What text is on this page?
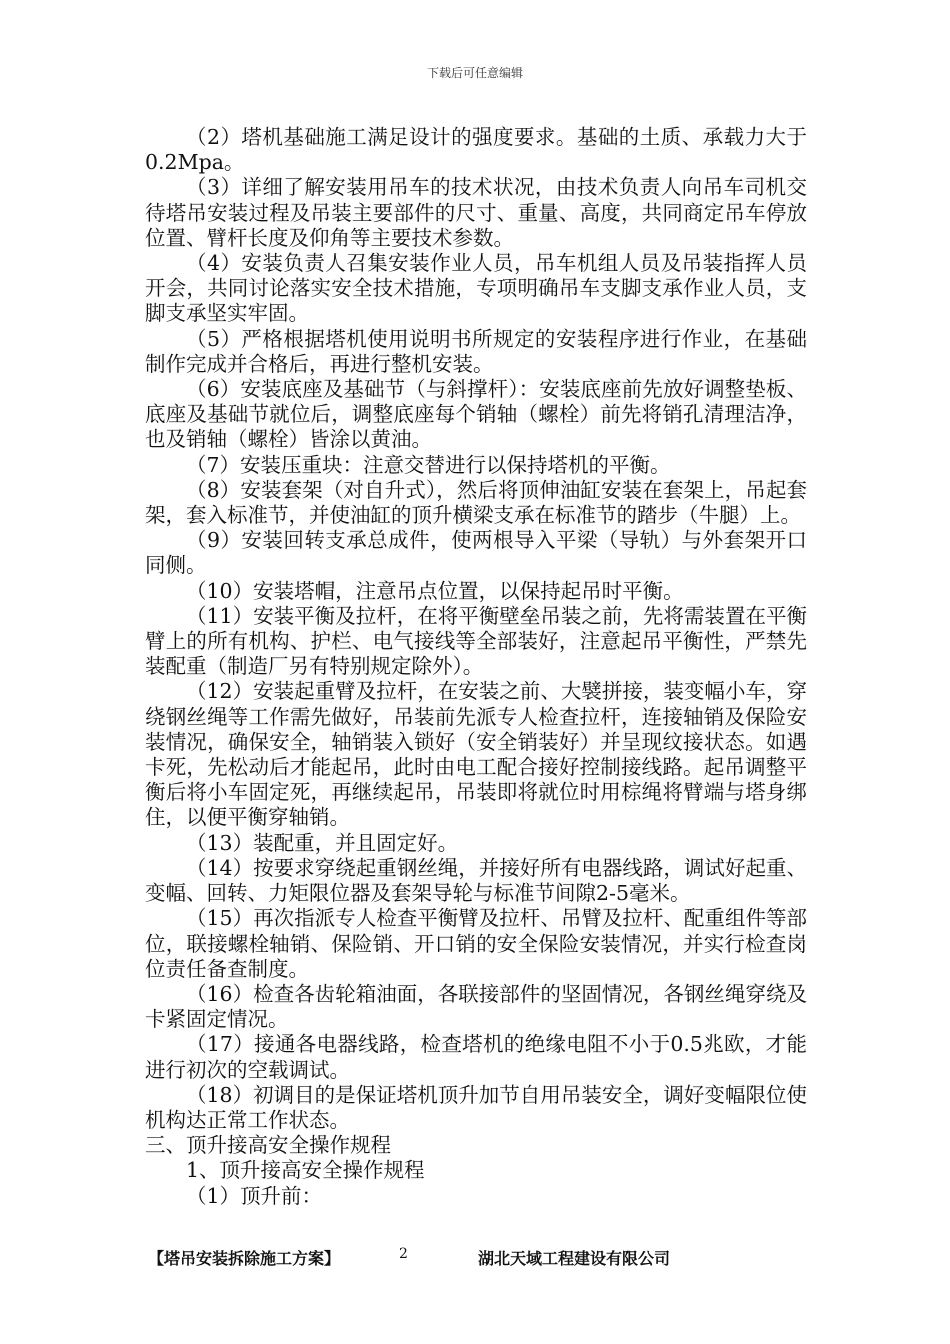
下载后可任意编辑

（2）塔机基础施工满足设计的强度要求。基础的土质、承载力大于0.2Mpa。

（3）详细了解安装用吊车的技术状况，由技术负责人向吊车司机交待塔吊安装过程及吊装主要部件的尺寸、重量、高度，共同商定吊车停放位置、臂杆长度及仰角等主要技术参数。

（4）安装负责人召集安装作业人员，吊车机组人员及吊装指挥人员开会，共同讨论落实安全技术措施，专项明确吊车支脚支承作业人员，支脚支承坚实牢固。

（5）严格根据塔机使用说明书所规定的安装程序进行作业，在基础制作完成并合格后，再进行整机安装。

（6）安装底座及基础节（与斜撑杆）：安装底座前先放好调整垫板、底座及基础节就位后，调整底座每个销轴（螺栓）前先将销孔清理洁净，也及销轴（螺栓）皆涂以黄油。

（7）安装压重块：注意交替进行以保持塔机的平衡。

（8）安装套架（对自升式），然后将顶伸油缸安装在套架上，吊起套架，套入标准节，并使油缸的顶升横梁支承在标准节的踏步（牛腿）上。

（9）安装回转支承总成件，使两根导入平梁（导轨）与外套架开口同侧。

（10）安装塔帽，注意吊点位置，以保持起吊时平衡。

（11）安装平衡及拉杆，在将平衡壁垒吊装之前，先将需装置在平衡臂上的所有机构、护栏、电气接线等全部装好，注意起吊平衡性，严禁先装配重（制造厂另有特别规定除外）。

（12）安装起重臂及拉杆，在安装之前、大襞拼接，装变幅小车，穿绕钢丝绳等工作需先做好，吊装前先派专人检查拉杆，连接轴销及保险安装情况，确保安全，轴销装入锁好（安全销装好）并呈现纹接状态。如遇卡死，先松动后才能起吊，此时由电工配合接好控制接线路。起吊调整平衡后将小车固定死，再继续起吊，吊装即将就位时用棕绳将臂端与塔身绑住，以便平衡穿轴销。

（13）装配重，并且固定好。

（14）按要求穿绕起重钢丝绳，并接好所有电器线路，调试好起重、变幅、回转、力矩限位器及套架导轮与标准节间隙2-5毫米。

（15）再次指派专人检查平衡臂及拉杆、吊臂及拉杆、配重组件等部位，联接螺栓轴销、保险销、开口销的安全保险安装情况，并实行检查岗位责任备查制度。

（16）检查各齿轮箱油面，各联接部件的坚固情况，各钢丝绳穿绕及卡紧固定情况。

（17）接通各电器线路，检查塔机的绝缘电阻不小于0.5兆欧，才能进行初次的空载调试。

（18）初调目的是保证塔机顶升加节自用吊装安全，调好变幅限位使机构达正常工作状态。

三、顶升接高安全操作规程

1、顶升接高安全操作规程

（1）顶升前：

【塔吊安装拆除施工方案】	2	湖北天域工程建设有限公司
